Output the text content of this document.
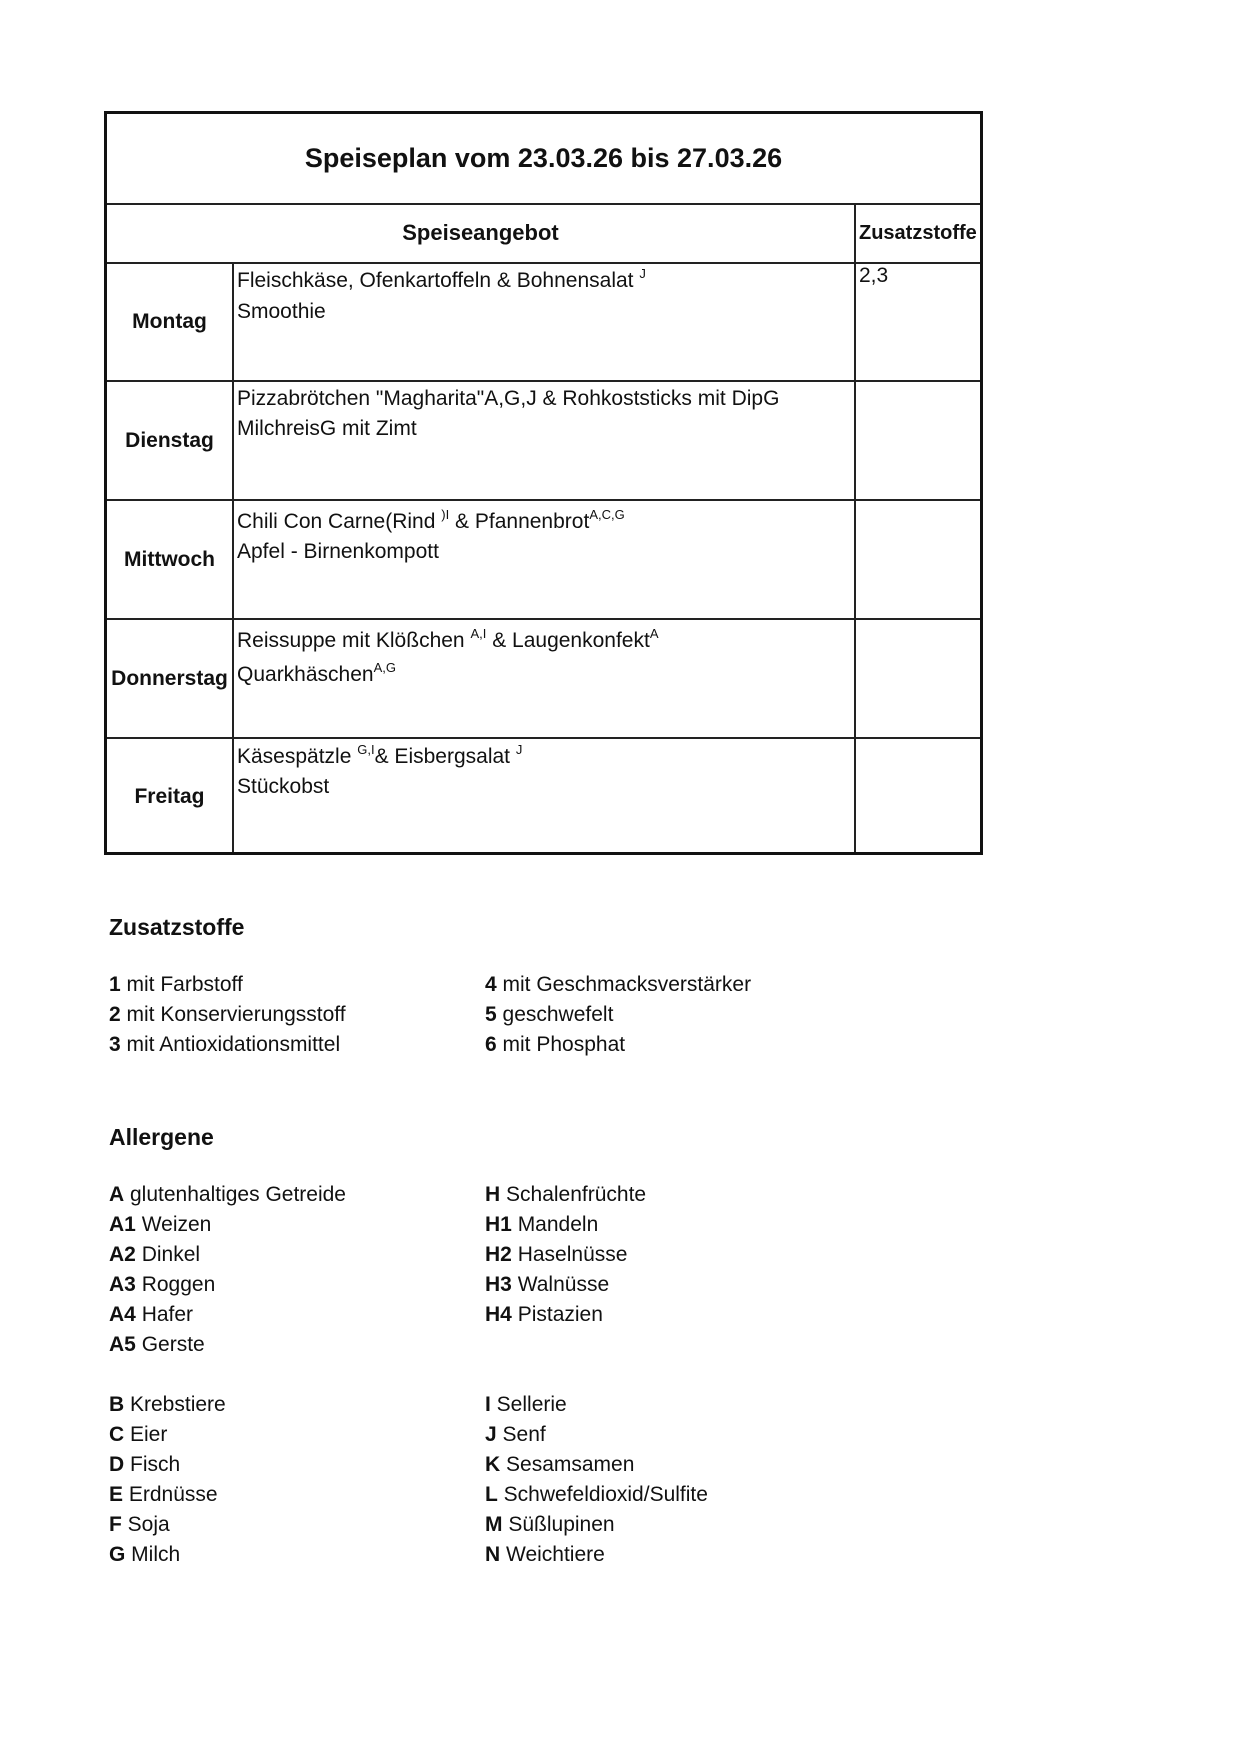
Speiseplan vom 23.03.26 bis 27.03.26
Speiseangebot	Zusatzstoffe
Montag
Fleischkäse, Ofenkartoffeln & Bohnensalat $^J$
Smoothie
2,3
Dienstag
Pizzabrötchen "Magharita"A,G,J & Rohkoststicks mit DipG
MilchreisG mit Zimt
Mittwoch
Chili Con Carne(Rind $^{)I}$ & Pfannenbrot$^{A,C,G}$
Apfel - Birnenkompott
Donnerstag
Reissuppe mit Klößchen $^{A,I}$ & Laugenkonfekt$^A$
Quarkhäschen$^{A,G}$
Freitag
Käsespätzle $^{G,I}$& Eisbergsalat $^J$
Stückobst
Zusatzstoffe
1 mit Farbstoff
2 mit Konservierungsstoff
3 mit Antioxidationsmittel
4 mit Geschmacksverstärker
5 geschwefelt
6 mit Phosphat
Allergene
A glutenhaltiges Getreide
A1 Weizen
A2 Dinkel
A3 Roggen
A4 Hafer
A5 Gerste
B Krebstiere
C Eier
D Fisch
E Erdnüsse
F Soja
G Milch
H Schalenfrüchte
H1 Mandeln
H2 Haselnüsse
H3 Walnüsse
H4 Pistazien
I Sellerie
J Senf
K Sesamsamen
L Schwefeldioxid/Sulfite
M Süßlupinen
N Weichtiere
